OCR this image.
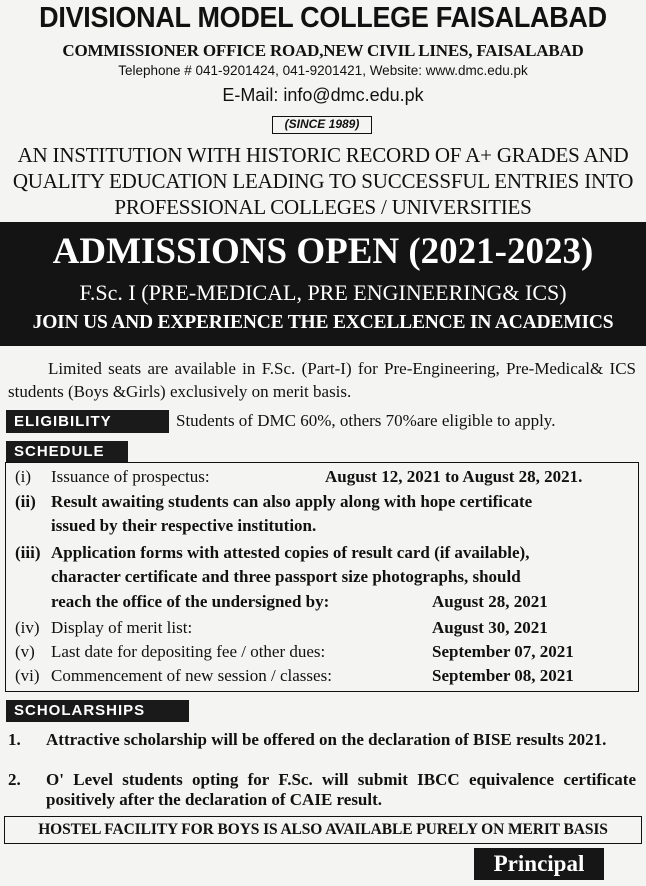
DIVISIONAL MODEL COLLEGE FAISALABAD
COMMISSIONER OFFICE ROAD,NEW CIVIL LINES, FAISALABAD
Telephone # 041-9201424, 041-9201421, Website: www.dmc.edu.pk
E-Mail: info@dmc.edu.pk
(SINCE 1989)
AN INSTITUTION WITH HISTORIC RECORD OF A+ GRADES AND
QUALITY EDUCATION LEADING TO SUCCESSFUL ENTRIES INTO
PROFESSIONAL COLLEGES / UNIVERSITIES
ADMISSIONS OPEN (2021-2023)
F.Sc. I (PRE-MEDICAL, PRE ENGINEERING& ICS)
JOIN US AND EXPERIENCE THE EXCELLENCE IN ACADEMICS
Limited seats are available in F.Sc. (Part-I) for Pre-Engineering, Pre-Medical& ICS students (Boys &Girls) exclusively on merit basis.
ELIGIBILITY	Students of DMC 60%, others 70%are eligible to apply.
SCHEDULE
(i) Issuance of prospectus:	August 12, 2021 to August 28, 2021.
(ii) Result awaiting students can also apply along with hope certificate
issued by their respective institution.
(iii) Application forms with attested copies of result card (if available),
character certificate and three passport size photographs, should
reach the office of the undersigned by:	August 28, 2021
(iv) Display of merit list:	August 30, 2021
(v) Last date for depositing fee / other dues:	September 07, 2021
(vi) Commencement of new session / classes:	September 08, 2021
SCHOLARSHIPS
1. Attractive scholarship will be offered on the declaration of BISE results 2021.
2. O' Level students opting for F.Sc. will submit IBCC equivalence certificate positively after the declaration of CAIE result.
HOSTEL FACILITY FOR BOYS IS ALSO AVAILABLE PURELY ON MERIT BASIS
Principal
